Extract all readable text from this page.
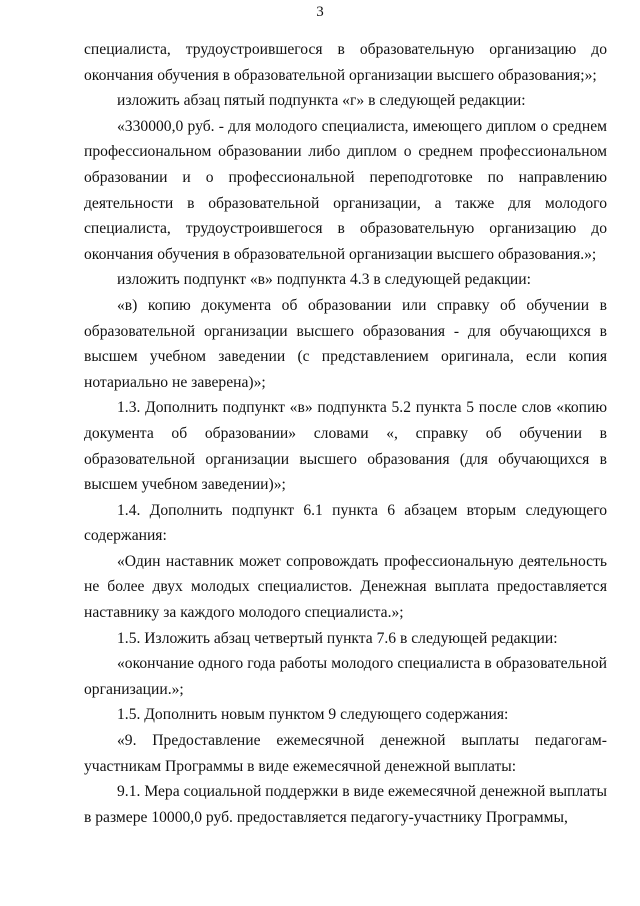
3

специалиста, трудоустроившегося в образовательную организацию до окончания обучения в образовательной организации высшего образования;»;

изложить абзац пятый подпункта «г» в следующей редакции:

«330000,0 руб. - для молодого специалиста, имеющего диплом о среднем профессиональном образовании либо диплом о среднем профессиональном образовании и о профессиональной переподготовке по направлению деятельности в образовательной организации, а также для молодого специалиста, трудоустроившегося в образовательную организацию до окончания обучения в образовательной организации высшего образования.»;

изложить подпункт «в» подпункта 4.3 в следующей редакции:

«в) копию документа об образовании или справку об обучении в образовательной организации высшего образования - для обучающихся в высшем учебном заведении (с представлением оригинала, если копия нотариально не заверена)»;

1.3. Дополнить подпункт «в» подпункта 5.2 пункта 5 после слов «копию документа об образовании» словами «, справку об обучении в образовательной организации высшего образования (для обучающихся в высшем учебном заведении)»;

1.4. Дополнить подпункт 6.1 пункта 6 абзацем вторым следующего содержания:

«Один наставник может сопровождать профессиональную деятельность не более двух молодых специалистов. Денежная выплата предоставляется наставнику за каждого молодого специалиста.»;

1.5. Изложить абзац четвертый пункта 7.6 в следующей редакции:

«окончание одного года работы молодого специалиста в образовательной организации.»;

1.5. Дополнить новым пунктом 9 следующего содержания:

«9. Предоставление ежемесячной денежной выплаты педагогам-участникам Программы в виде ежемесячной денежной выплаты:

9.1. Мера социальной поддержки в виде ежемесячной денежной выплаты в размере 10000,0 руб. предоставляется педагогу-участнику Программы,
